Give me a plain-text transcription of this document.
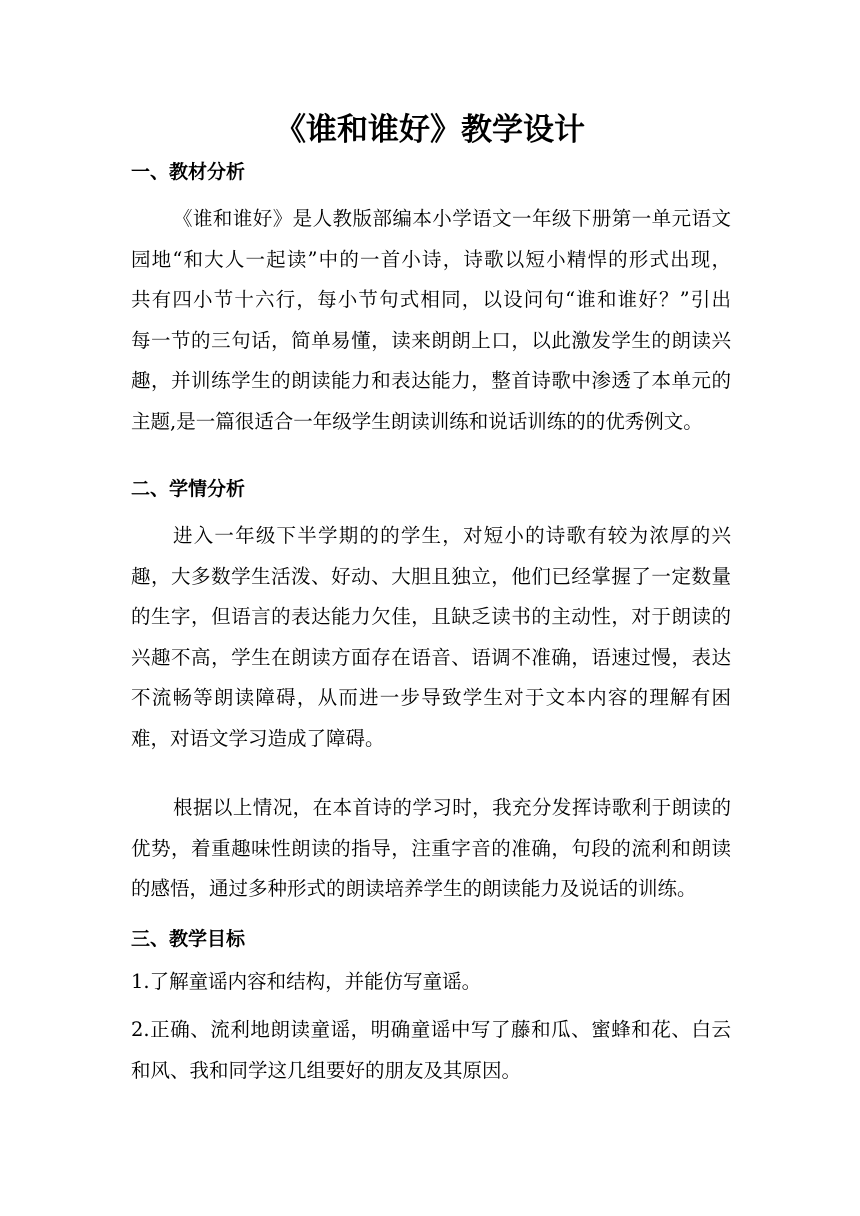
《谁和谁好》教学设计
一、教材分析
《谁和谁好》是人教版部编本小学语文一年级下册第一单元语文
园地“和大人一起读”中的一首小诗，诗歌以短小精悍的形式出现，
共有四小节十六行，每小节句式相同，以设问句“谁和谁好？”引出
每一节的三句话，简单易懂，读来朗朗上口，以此激发学生的朗读兴
趣，并训练学生的朗读能力和表达能力，整首诗歌中渗透了本单元的
主题,是一篇很适合一年级学生朗读训练和说话训练的的优秀例文。
二、学情分析
进入一年级下半学期的的学生，对短小的诗歌有较为浓厚的兴
趣，大多数学生活泼、好动、大胆且独立，他们已经掌握了一定数量
的生字，但语言的表达能力欠佳，且缺乏读书的主动性，对于朗读的
兴趣不高，学生在朗读方面存在语音、语调不准确，语速过慢，表达
不流畅等朗读障碍，从而进一步导致学生对于文本内容的理解有困
难，对语文学习造成了障碍。
根据以上情况，在本首诗的学习时，我充分发挥诗歌利于朗读的
优势，着重趣味性朗读的指导，注重字音的准确，句段的流利和朗读
的感悟，通过多种形式的朗读培养学生的朗读能力及说话的训练。
三、教学目标
1.了解童谣内容和结构，并能仿写童谣。
2.正确、流利地朗读童谣，明确童谣中写了藤和瓜、蜜蜂和花、白云
和风、我和同学这几组要好的朋友及其原因。
